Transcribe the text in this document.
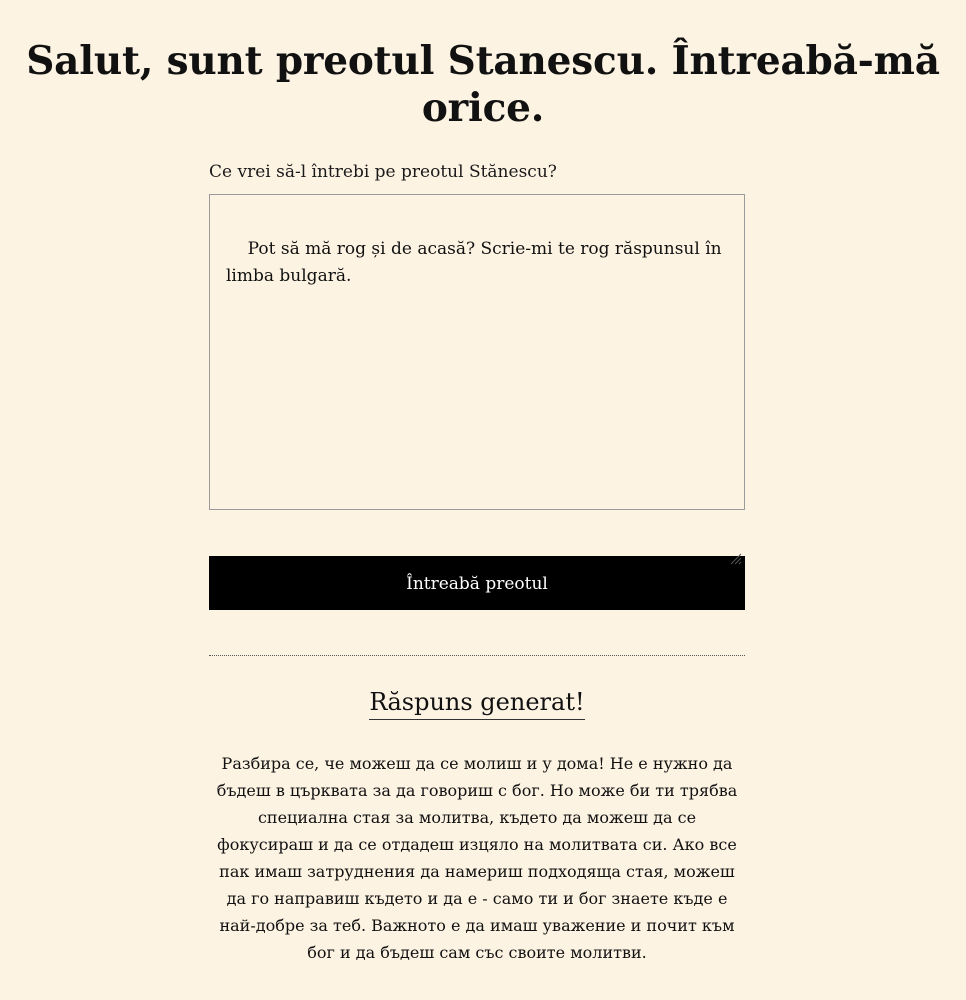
Salut, sunt preotul Stanescu. Întreabă-mă orice.
Ce vrei să-l întrebi pe preotul Stănescu?

Pot să mă rog și de acasă? Scrie-mi te rog răspunsul în limba bulgară.

Întreabă preotul
Răspuns generat!

Разбира се, че можеш да се молиш и у дома! Не е нужно да бъдеш в църквата за да говориш с бог. Но може би ти трябва специална стая за молитва, където да можеш да се фокусираш и да се отдадеш изцяло на молитвата си. Ако все пак имаш затруднения да намериш подходяща стая, можеш да го направиш където и да е - само ти и бог знаете къде е най-добре за теб. Важното е да имаш уважение и почит към бог и да бъдеш сам със своите молитви.
